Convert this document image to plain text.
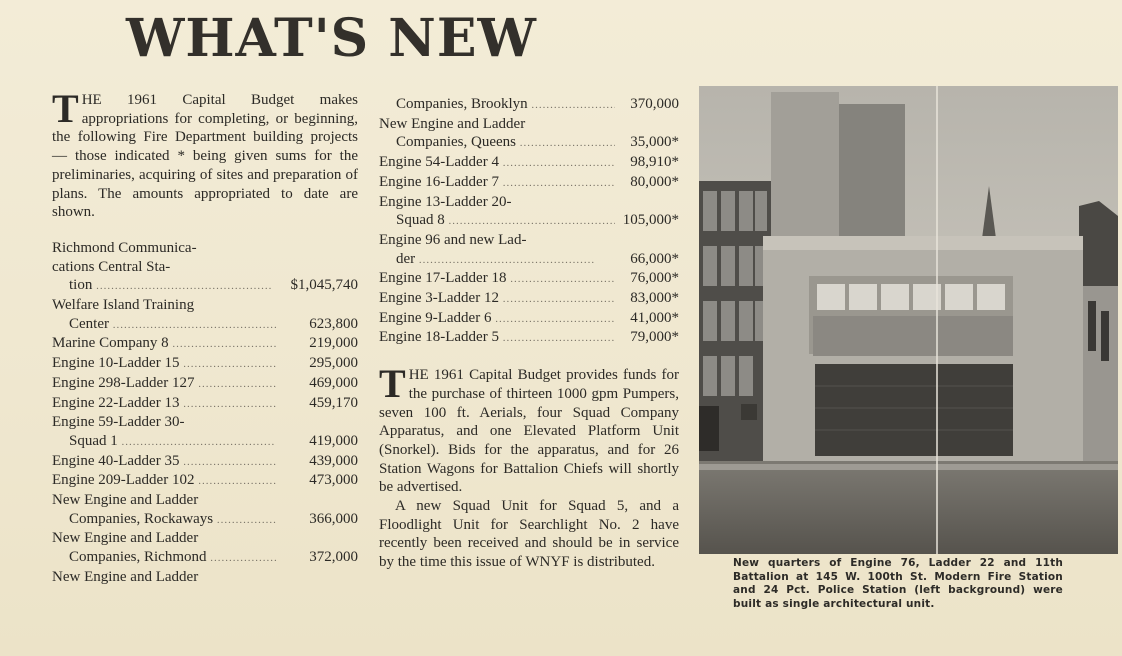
WHAT'S NEW

THE 1961 Capital Budget makes appropriations for completing, or beginning, the following Fire Department building projects — those indicated * being given sums for the preliminaries, acquiring of sites and preparation of plans. The amounts appropriated to date are shown.

Richmond Communica-
cations Central Sta-
tion .....	$1,045,740
Welfare Island Training
Center .....	623,800
Marine Company 8 .....	219,000
Engine 10-Ladder 15 .....	295,000
Engine 298-Ladder 127 .....	469,000
Engine 22-Ladder 13 .....	459,170
Engine 59-Ladder 30-
Squad 1 .....	419,000
Engine 40-Ladder 35 .....	439,000
Engine 209-Ladder 102 .....	473,000
New Engine and Ladder
Companies, Rockaways .....	366,000
New Engine and Ladder
Companies, Richmond .....	372,000
New Engine and Ladder
Companies, Brooklyn .....	370,000
New Engine and Ladder
Companies, Queens .....	35,000*
Engine 54-Ladder 4 .....	98,910*
Engine 16-Ladder 7 .....	80,000*
Engine 13-Ladder 20-
Squad 8 .....	105,000*
Engine 96 and new Lad-
der .....	66,000*
Engine 17-Ladder 18 .....	76,000*
Engine 3-Ladder 12 .....	83,000*
Engine 9-Ladder 6 .....	41,000*
Engine 18-Ladder 5 .....	79,000*

THE 1961 Capital Budget provides funds for the purchase of thirteen 1000 gpm Pumpers, seven 100 ft. Aerials, four Squad Company Apparatus, and one Elevated Platform Unit (Snorkel). Bids for the apparatus, and for 26 Station Wagons for Battalion Chiefs will shortly be advertised.

A new Squad Unit for Squad 5, and a Floodlight Unit for Searchlight No. 2 have recently been received and should be in service by the time this issue of WNYF is distributed.	New quarters of Engine 76, Ladder 22 and 11th Battalion at 145 W. 100th St. Modern Fire Station and 24 Pct. Police Station (left background) were built as single architectural unit.
